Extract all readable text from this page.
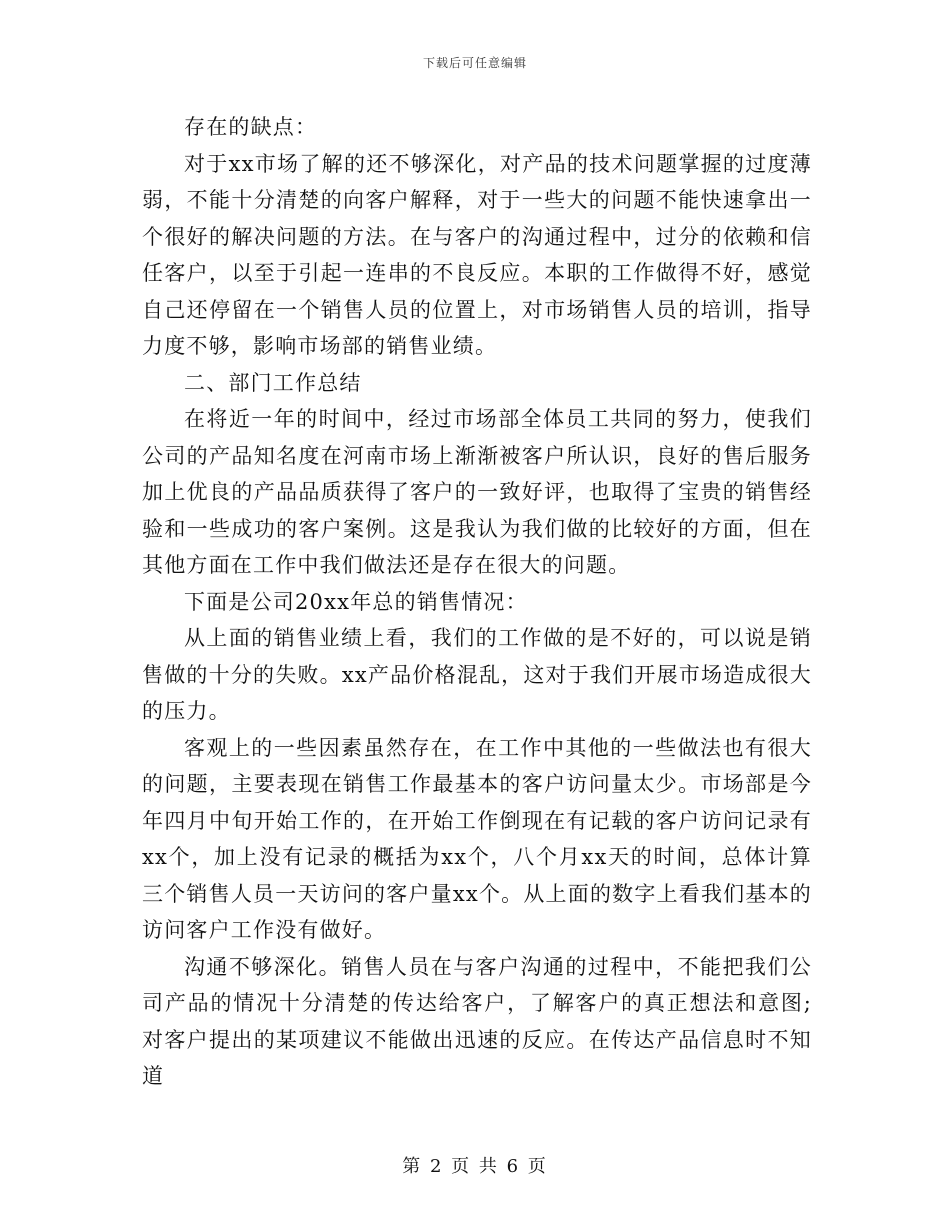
下载后可任意编辑

存在的缺点：

对于xx市场了解的还不够深化，对产品的技术问题掌握的过度薄弱，不能十分清楚的向客户解释，对于一些大的问题不能快速拿出一个很好的解决问题的方法。在与客户的沟通过程中，过分的依赖和信任客户，以至于引起一连串的不良反应。本职的工作做得不好，感觉自己还停留在一个销售人员的位置上，对市场销售人员的培训，指导力度不够，影响市场部的销售业绩。

二、部门工作总结

在将近一年的时间中，经过市场部全体员工共同的努力，使我们公司的产品知名度在河南市场上渐渐被客户所认识，良好的售后服务加上优良的产品品质获得了客户的一致好评，也取得了宝贵的销售经验和一些成功的客户案例。这是我认为我们做的比较好的方面，但在其他方面在工作中我们做法还是存在很大的问题。

下面是公司20xx年总的销售情况：

从上面的销售业绩上看，我们的工作做的是不好的，可以说是销售做的十分的失败。xx产品价格混乱，这对于我们开展市场造成很大的压力。

客观上的一些因素虽然存在，在工作中其他的一些做法也有很大的问题，主要表现在销售工作最基本的客户访问量太少。市场部是今年四月中旬开始工作的，在开始工作倒现在有记载的客户访问记录有xx个，加上没有记录的概括为xx个，八个月xx天的时间，总体计算三个销售人员一天访问的客户量xx个。从上面的数字上看我们基本的访问客户工作没有做好。

沟通不够深化。销售人员在与客户沟通的过程中，不能把我们公司产品的情况十分清楚的传达给客户，了解客户的真正想法和意图;对客户提出的某项建议不能做出迅速的反应。在传达产品信息时不知道

第 2 页 共 6 页
